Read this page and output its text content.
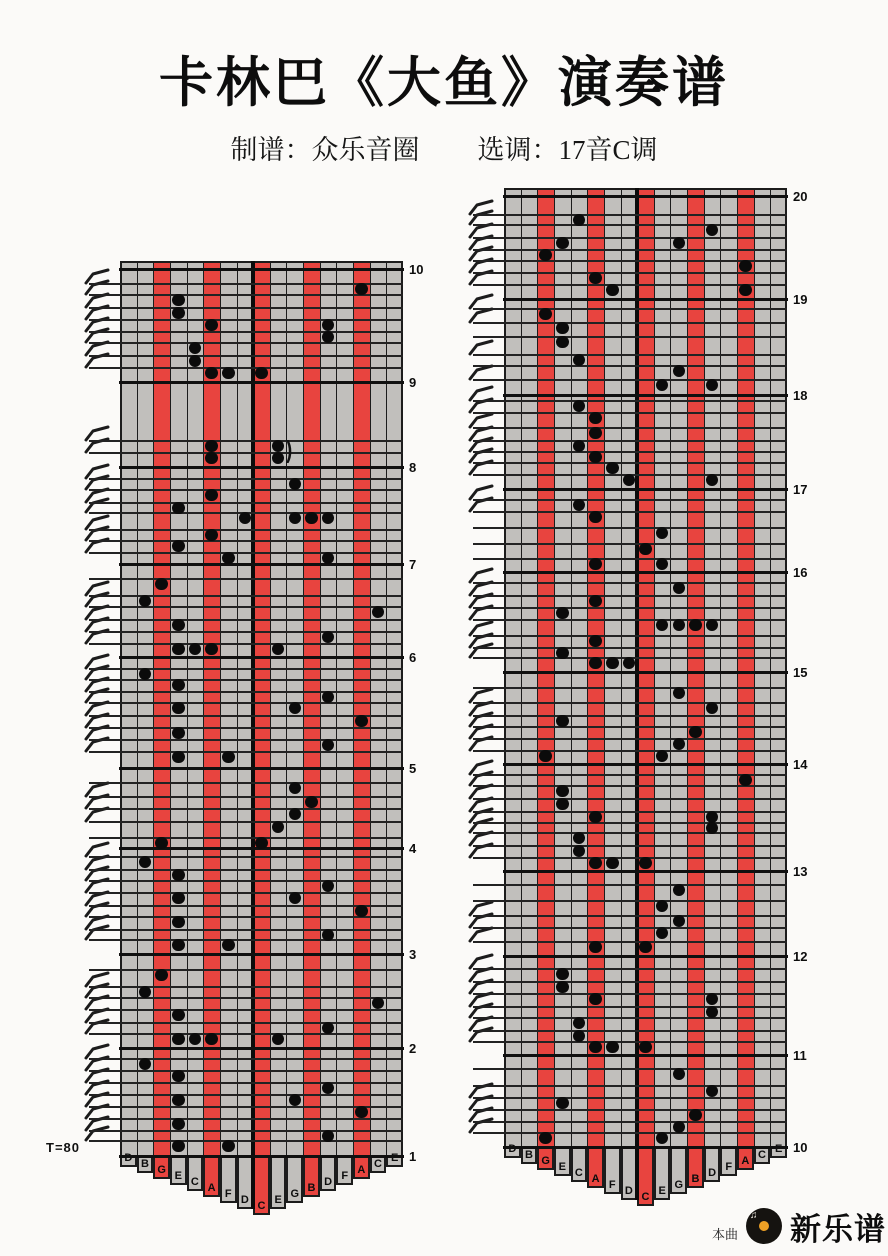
卡林巴《大鱼》演奏谱
制谱：众乐音圈 选调：17音C调
B G E C A F D C E G B D F A C	1
2
3
4
5
6
7
8
9
10
)
B G E C A F D C E G B D F A C	10
11
12
13
14
15
16
17
18
19
20
T=80
本曲
♫ 新乐谱
